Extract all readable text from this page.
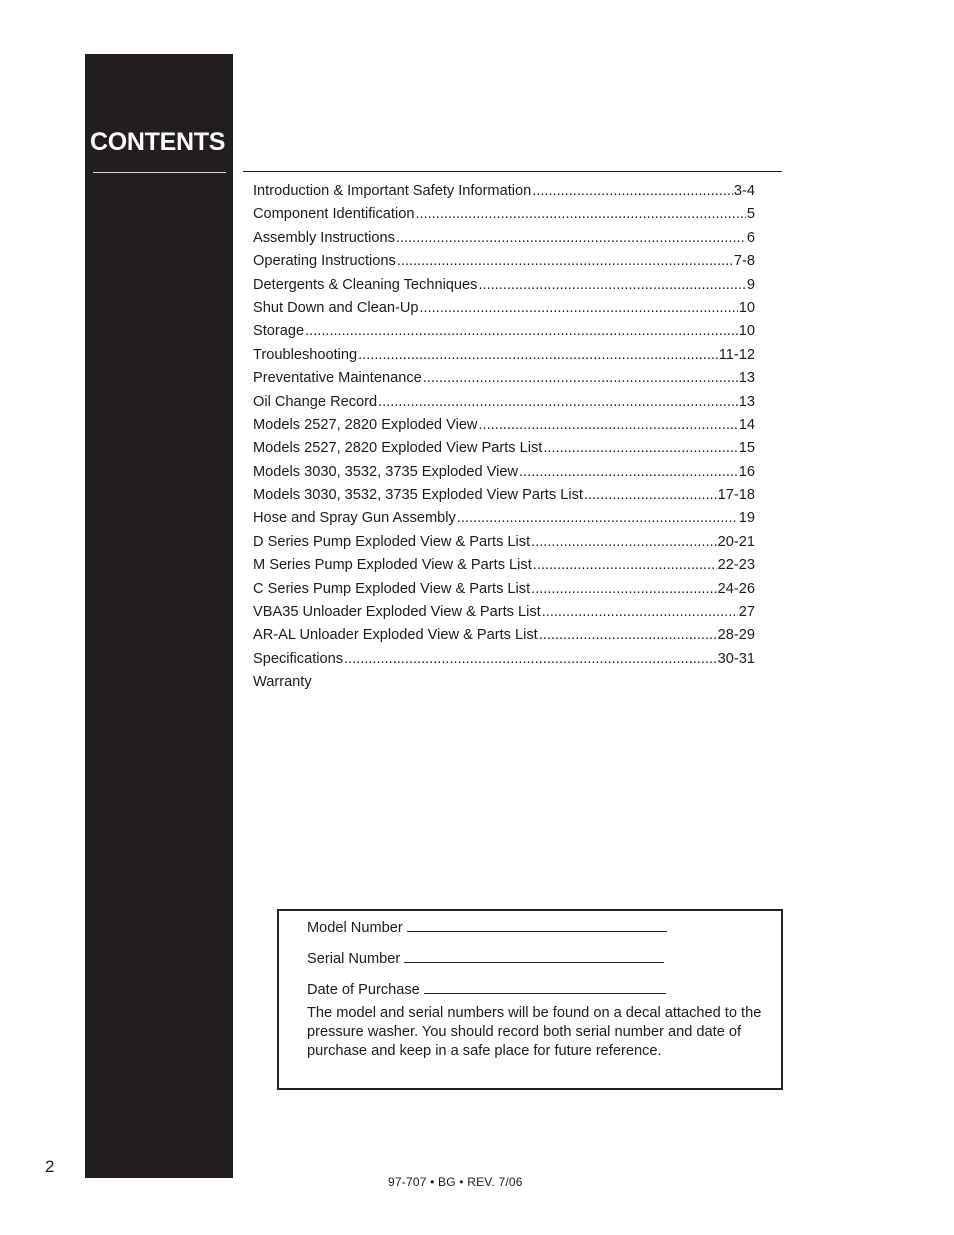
CONTENTS
Introduction & Important Safety Information .....	3-4
Component Identification .....	5
Assembly Instructions .....	6
Operating Instructions .....	7-8
Detergents & Cleaning Techniques .....	9
Shut Down and Clean-Up .....	10
Storage .....	10
Troubleshooting .....	11-12
Preventative Maintenance .....	13
Oil Change Record .....	13
Models 2527, 2820 Exploded View .....	14
Models 2527, 2820 Exploded View Parts List .....	15
Models 3030, 3532, 3735 Exploded View .....	16
Models 3030, 3532, 3735 Exploded View Parts List .....	17-18
Hose and Spray Gun Assembly .....	19
D Series Pump Exploded View & Parts List .....	20-21
M Series Pump Exploded View & Parts List .....	22-23
C Series Pump Exploded View & Parts List .....	24-26
VBA35 Unloader Exploded View & Parts List .....	27
AR-AL Unloader Exploded View & Parts List .....	28-29
Specifications .....	30-31
Warranty
Model Number
Serial Number
Date of Purchase
The model and serial numbers will be found on a decal attached to the pressure washer. You should record both serial number and date of purchase and keep in a safe place for future reference.
2
97-707 • BG • REV. 7/06
